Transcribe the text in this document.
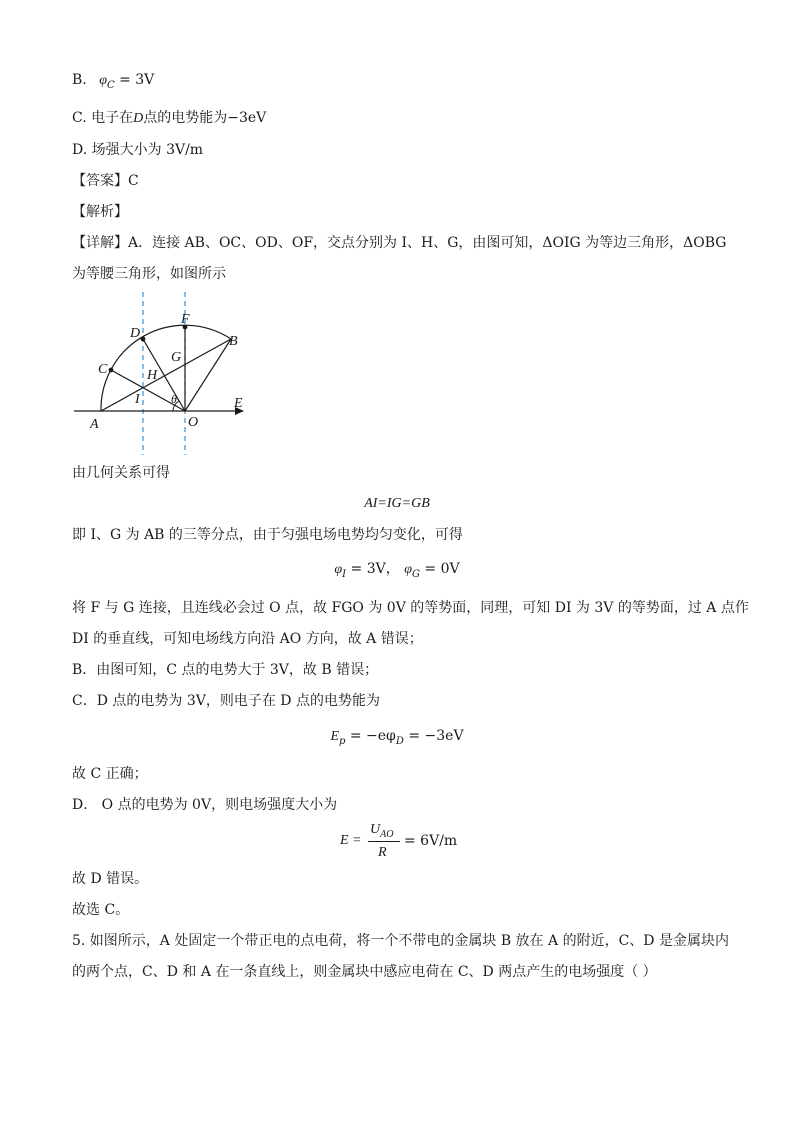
B. $\varphi_C = 3V$
C. 电子在D点的电势能为−3eV
D. 场强大小为 3V/m
【答案】C
【解析】
【详解】A．连接 AB、OC、OD、OF，交点分别为 I、H、G，由图可知，ΔOIG 为等边三角形，ΔOBG
为等腰三角形，如图所示
D
F
B
G
C	H
I	θ	E
A	O
由几何关系可得
AI=IG=GB
即 I、G 为 AB 的三等分点，由于匀强电场电势均匀变化，可得
$\varphi_I = 3V$， $\varphi_G = 0V$
将 F 与 G 连接，且连线必会过 O 点，故 FGO 为 0V 的等势面，同理，可知 DI 为 3V 的等势面，过 A 点作
DI 的垂直线，可知电场线方向沿 AO 方向，故 A 错误；
B．由图可知，C 点的电势大于 3V，故 B 错误；
C．D 点的电势为 3V，则电子在 D 点的电势能为
$E_p = -e\varphi_D = -3eV$
故 C 正确；
D． O 点的电势为 0V，则电场强度大小为
E =
$U_{AO}$
R
= 6V/m
故 D 错误。
故选 C。
5. 如图所示，A 处固定一个带正电的点电荷，将一个不带电的金属块 B 放在 A 的附近，C、D 是金属块内
的两个点，C、D 和 A 在一条直线上，则金属块中感应电荷在 C、D 两点产生的电场强度（ ）
